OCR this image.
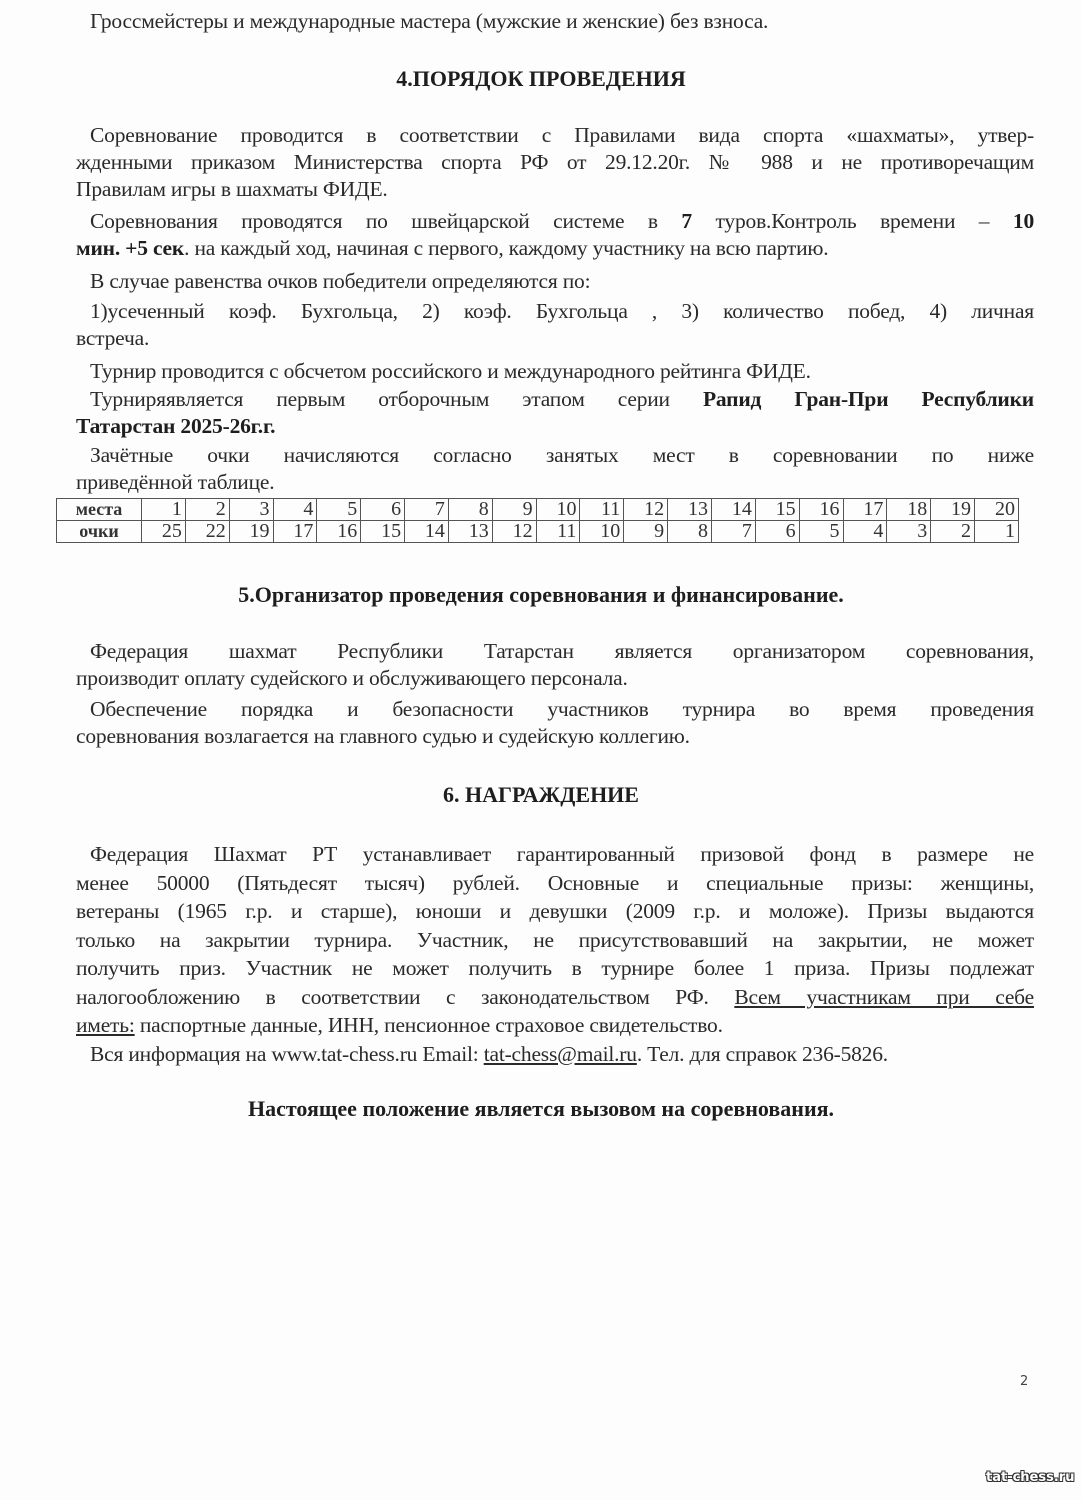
Гроссмейстеры и международные мастера (мужские и женские) без взноса.
4.ПОРЯДОК ПРОВЕДЕНИЯ
Соревнование проводится в соответствии с Правилами вида спорта «шахматы», утвер-
жденными приказом Министерства спорта РФ от 29.12.20г. № 988 и не противоречащим
Правилам игры в шахматы ФИДЕ.
Соревнования проводятся по швейцарской системе в 7 туров.Контроль времени – 10
мин. +5 сек. на каждый ход, начиная с первого, каждому участнику на всю партию.
В случае равенства очков победители определяются по:
1)усеченный коэф. Бухгольца, 2) коэф. Бухгольца , 3) количество побед, 4) личная
встреча.
Турнир проводится с обсчетом российского и международного рейтинга ФИДЕ.
Турниряявляется первым отборочным этапом серии Рапид Гран-При Республики
Татарстан 2025-26г.г.
Зачётные очки начисляются согласно занятых мест в соревновании по ниже
приведённой таблице.
места	1	2	3	4	5	6	7	8	9	10	11	12	13	14	15	16	17	18	19	20
очки	25	22	19	17	16	15	14	13	12	11	10	9	8	7	6	5	4	3	2	1
5.Организатор проведения соревнования и финансирование.
Федерация шахмат Республики Татарстан является организатором соревнования,
производит оплату судейского и обслуживающего персонала.
Обеспечение порядка и безопасности участников турнира во время проведения
соревнования возлагается на главного судью и судейскую коллегию.
6. НАГРАЖДЕНИЕ
Федерация Шахмат РТ устанавливает гарантированный призовой фонд в размере не
менее 50000 (Пятьдесят тысяч) рублей. Основные и специальные призы: женщины,
ветераны (1965 г.р. и старше), юноши и девушки (2009 г.р. и моложе). Призы выдаются
только на закрытии турнира. Участник, не присутствовавший на закрытии, не может
получить приз. Участник не может получить в турнире более 1 приза. Призы подлежат
налогообложению в соответствии с законодательством РФ. Всем участникам при себе
иметь: паспортные данные, ИНН, пенсионное страховое свидетельство.
Вся информация на www.tat-chess.ru Email: tat-chess@mail.ru. Тел. для справок 236-5826.
Настоящее положение является вызовом на соревнования.
2
tat-chess.ru
